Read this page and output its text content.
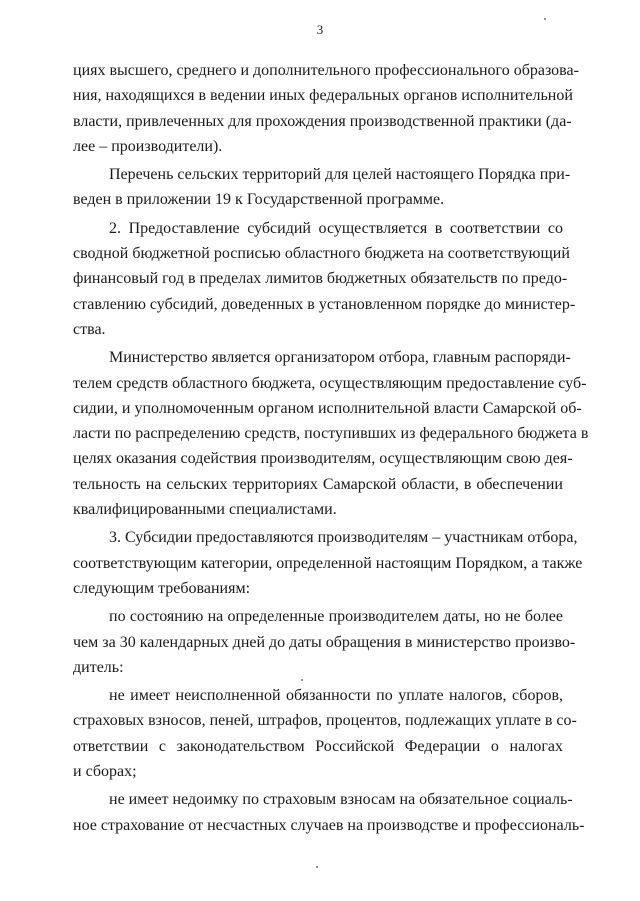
3
циях высшего, среднего и дополнительного профессионального образова-
ния, находящихся в ведении иных федеральных органов исполнительной
власти, привлеченных для прохождения производственной практики (да-
лее – производители).
Перечень сельских территорий для целей настоящего Порядка при-
веден в приложении 19 к Государственной программе.
2. Предоставление субсидий осуществляется в соответствии со
сводной бюджетной росписью областного бюджета на соответствующий
финансовый год в пределах лимитов бюджетных обязательств по предо-
ставлению субсидий, доведенных в установленном порядке до министер-
ства.
Министерство является организатором отбора, главным распоряди-
телем средств областного бюджета, осуществляющим предоставление суб-
сидии, и уполномоченным органом исполнительной власти Самарской об-
ласти по распределению средств, поступивших из федерального бюджета в
целях оказания содействия производителям, осуществляющим свою дея-
тельность на сельских территориях Самарской области, в обеспечении
квалифицированными специалистами.
3. Субсидии предоставляются производителям – участникам отбора,
соответствующим категории, определенной настоящим Порядком, а также
следующим требованиям:
по состоянию на определенные производителем даты, но не более
чем за 30 календарных дней до даты обращения в министерство произво-
дитель:
не имеет неисполненной обязанности по уплате налогов, сборов,
страховых взносов, пеней, штрафов, процентов, подлежащих уплате в со-
ответствии с законодательством Российской Федерации о налогах
и сборах;
не имеет недоимку по страховым взносам на обязательное социаль-
ное страхование от несчастных случаев на производстве и профессиональ-
